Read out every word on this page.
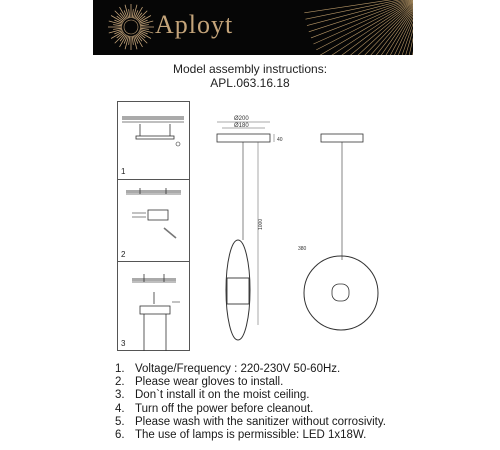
Aployt
Model assembly instructions:
APL.063.16.18
1
2
3
Ø200
Ø180
40
1000
380
1. Voltage/Frequency : 220-230V 50-60Hz.
2. Please wear gloves to install.
3. Don`t install it on the moist ceiling.
4. Turn off the power before cleanout.
5. Please wash with the sanitizer without corrosivity.
6. The use of lamps is permissible: LED 1x18W.
